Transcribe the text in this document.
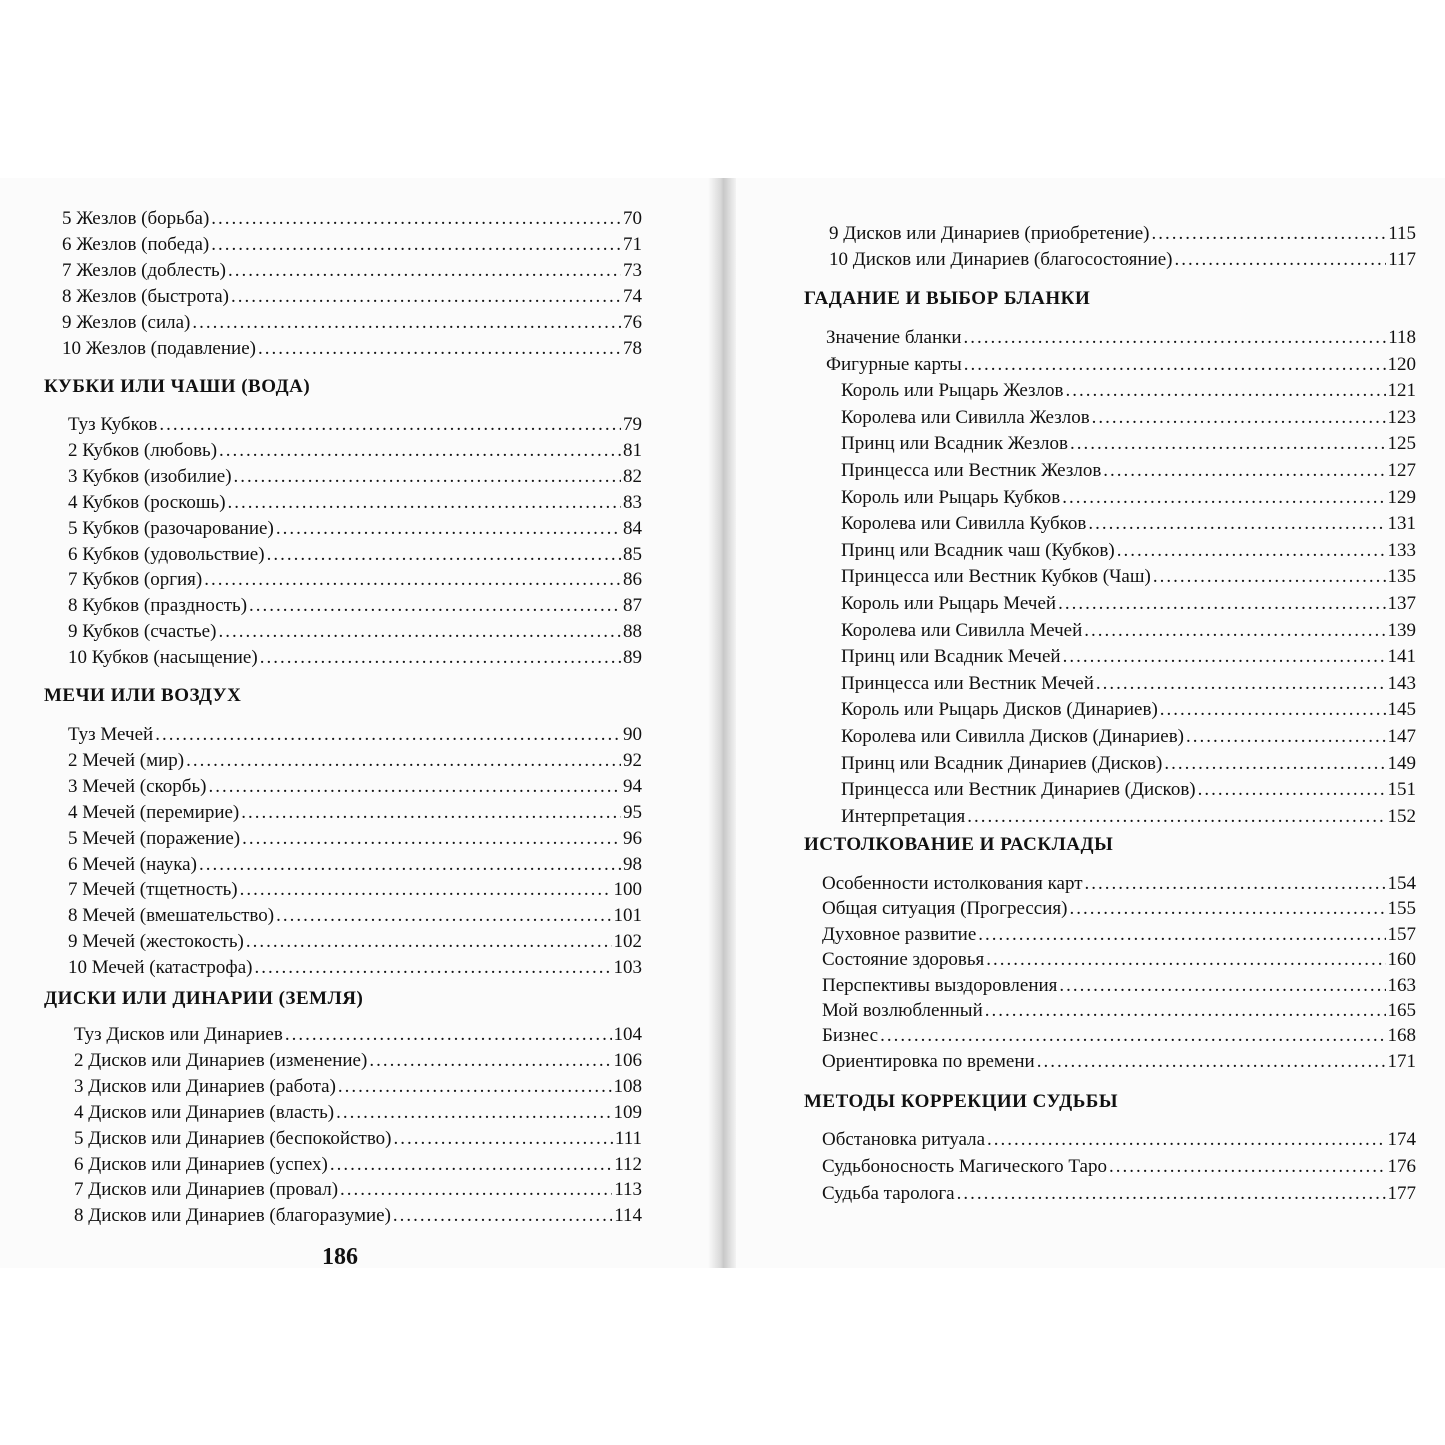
5 Жезлов (борьба) .....	70
6 Жезлов (победа) .....	71
7 Жезлов (доблесть) .....	73
8 Жезлов (быстрота) .....	74
9 Жезлов (сила) .....	76
10 Жезлов (подавление) .....	78
КУБКИ ИЛИ ЧАШИ (ВОДА)
Туз Кубков .....	79
2 Кубков (любовь) .....	81
3 Кубков (изобилие) .....	82
4 Кубков (роскошь) .....	83
5 Кубков (разочарование) .....	84
6 Кубков (удовольствие) .....	85
7 Кубков (оргия) .....	86
8 Кубков (праздность) .....	87
9 Кубков (счастье) .....	88
10 Кубков (насыщение) .....	89
МЕЧИ ИЛИ ВОЗДУХ
Туз Мечей .....	90
2 Мечей (мир) .....	92
3 Мечей (скорбь) .....	94
4 Мечей (перемирие) .....	95
5 Мечей (поражение) .....	96
6 Мечей (наука) .....	98
7 Мечей (тщетность) .....	100
8 Мечей (вмешательство) .....	101
9 Мечей (жестокость) .....	102
10 Мечей (катастрофа) .....	103
ДИСКИ ИЛИ ДИНАРИИ (ЗЕМЛЯ)
Туз Дисков или Динариев .....	104
2 Дисков или Динариев (изменение) .....	106
3 Дисков или Динариев (работа) .....	108
4 Дисков или Динариев (власть) .....	109
5 Дисков или Динариев (беспокойство) .....	111
6 Дисков или Динариев (успех) .....	112
7 Дисков или Динариев (провал) .....	113
8 Дисков или Динариев (благоразумие) .....	114
9 Дисков или Динариев (приобретение) .....	115
10 Дисков или Динариев (благосостояние) .....	117
ГАДАНИЕ И ВЫБОР БЛАНКИ
Значение бланки .....	118
Фигурные карты .....	120
Король или Рыцарь Жезлов .....	121
Королева или Сивилла Жезлов .....	123
Принц или Всадник Жезлов .....	125
Принцесса или Вестник Жезлов .....	127
Король или Рыцарь Кубков .....	129
Королева или Сивилла Кубков .....	131
Принц или Всадник чаш (Кубков) .....	133
Принцесса или Вестник Кубков (Чаш) .....	135
Король или Рыцарь Мечей .....	137
Королева или Сивилла Мечей .....	139
Принц или Всадник Мечей .....	141
Принцесса или Вестник Мечей .....	143
Король или Рыцарь Дисков (Динариев) .....	145
Королева или Сивилла Дисков (Динариев) .....	147
Принц или Всадник Динариев (Дисков) .....	149
Принцесса или Вестник Динариев (Дисков) .....	151
Интерпретация .....	152
ИСТОЛКОВАНИЕ И РАСКЛАДЫ
Особенности истолкования карт .....	154
Общая ситуация (Прогрессия) .....	155
Духовное развитие .....	157
Состояние здоровья .....	160
Перспективы выздоровления .....	163
Мой возлюбленный .....	165
Бизнес .....	168
Ориентировка по времени .....	171
МЕТОДЫ КОРРЕКЦИИ СУДЬБЫ
Обстановка ритуала .....	174
Судьбоносность Магического Таро .....	176
Судьба таролога .....	177
186
